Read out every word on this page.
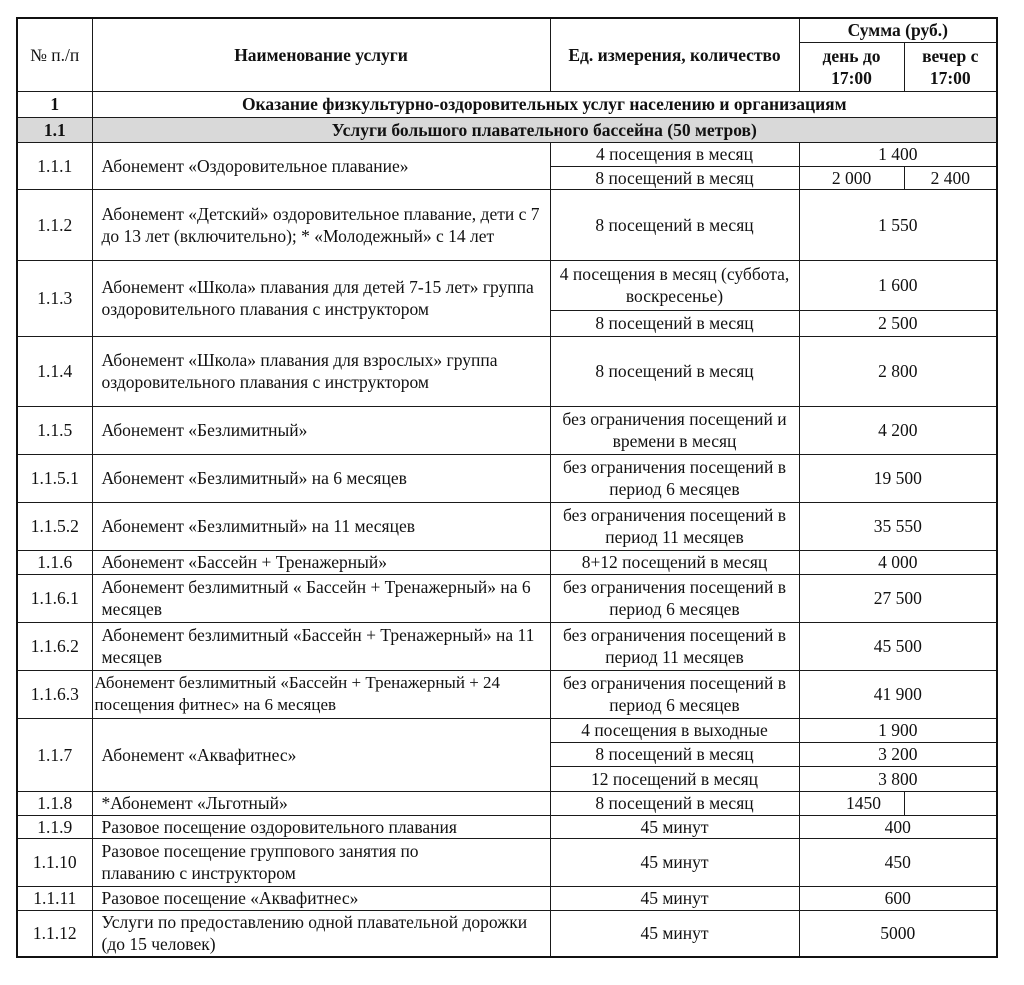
№ п./п	Наименование услуги	Ед. измерения, количество	Сумма (руб.)	
			день до 17:00	вечер с 17:00
1	Оказание физкультурно-оздоровительных услуг населению и организациям			
1.1	Услуги большого плавательного бассейна (50 метров)			
1.1.1	Абонемент «Оздоровительное плавание»	4 посещения в месяц	1 400	
		8 посещений в месяц	2 000	2 400
1.1.2	Абонемент «Детский» оздоровительное плавание, дети с 7 до 13 лет (включительно); * «Молодежный» с 14 лет	8 посещений в месяц	1 550	
1.1.3	Абонемент «Школа» плавания для детей 7-15 лет» группа оздоровительного плавания с инструктором	4 посещения в месяц (суббота, воскресенье)	1 600	
		8 посещений в месяц	2 500	
1.1.4	Абонемент «Школа» плавания для взрослых» группа оздоровительного плавания с инструктором	8 посещений в месяц	2 800	
1.1.5	Абонемент «Безлимитный»	без ограничения посещений и времени в месяц	4 200	
1.1.5.1	Абонемент «Безлимитный» на 6 месяцев	без ограничения посещений в период 6 месяцев	19 500	
1.1.5.2	Абонемент «Безлимитный» на 11 месяцев	без ограничения посещений в период 11 месяцев	35 550	
1.1.6	Абонемент «Бассейн + Тренажерный»	8+12 посещений в месяц	4 000	
1.1.6.1	Абонемент безлимитный « Бассейн + Тренажерный» на 6 месяцев	без ограничения посещений в период 6 месяцев	27 500	
1.1.6.2	Абонемент безлимитный «Бассейн + Тренажерный» на 11 месяцев	без ограничения посещений в период 11 месяцев	45 500	
1.1.6.3	Абонемент безлимитный «Бассейн + Тренажерный + 24 посещения фитнес» на 6 месяцев	без ограничения посещений в период 6 месяцев	41 900	
1.1.7	Абонемент «Аквафитнес»	4 посещения в выходные	1 900	
		8 посещений в месяц	3 200	
		12 посещений в месяц	3 800	
1.1.8	*Абонемент «Льготный»	8 посещений в месяц	1450	
1.1.9	Разовое посещение оздоровительного плавания	45 минут	400	
1.1.10	Разовое посещение группового занятия по плаванию с инструктором	45 минут	450	
1.1.11	Разовое посещение «Аквафитнес»	45 минут	600	
1.1.12	Услуги по предоставлению одной плавательной дорожки (до 15 человек)	45 минут	5000	
